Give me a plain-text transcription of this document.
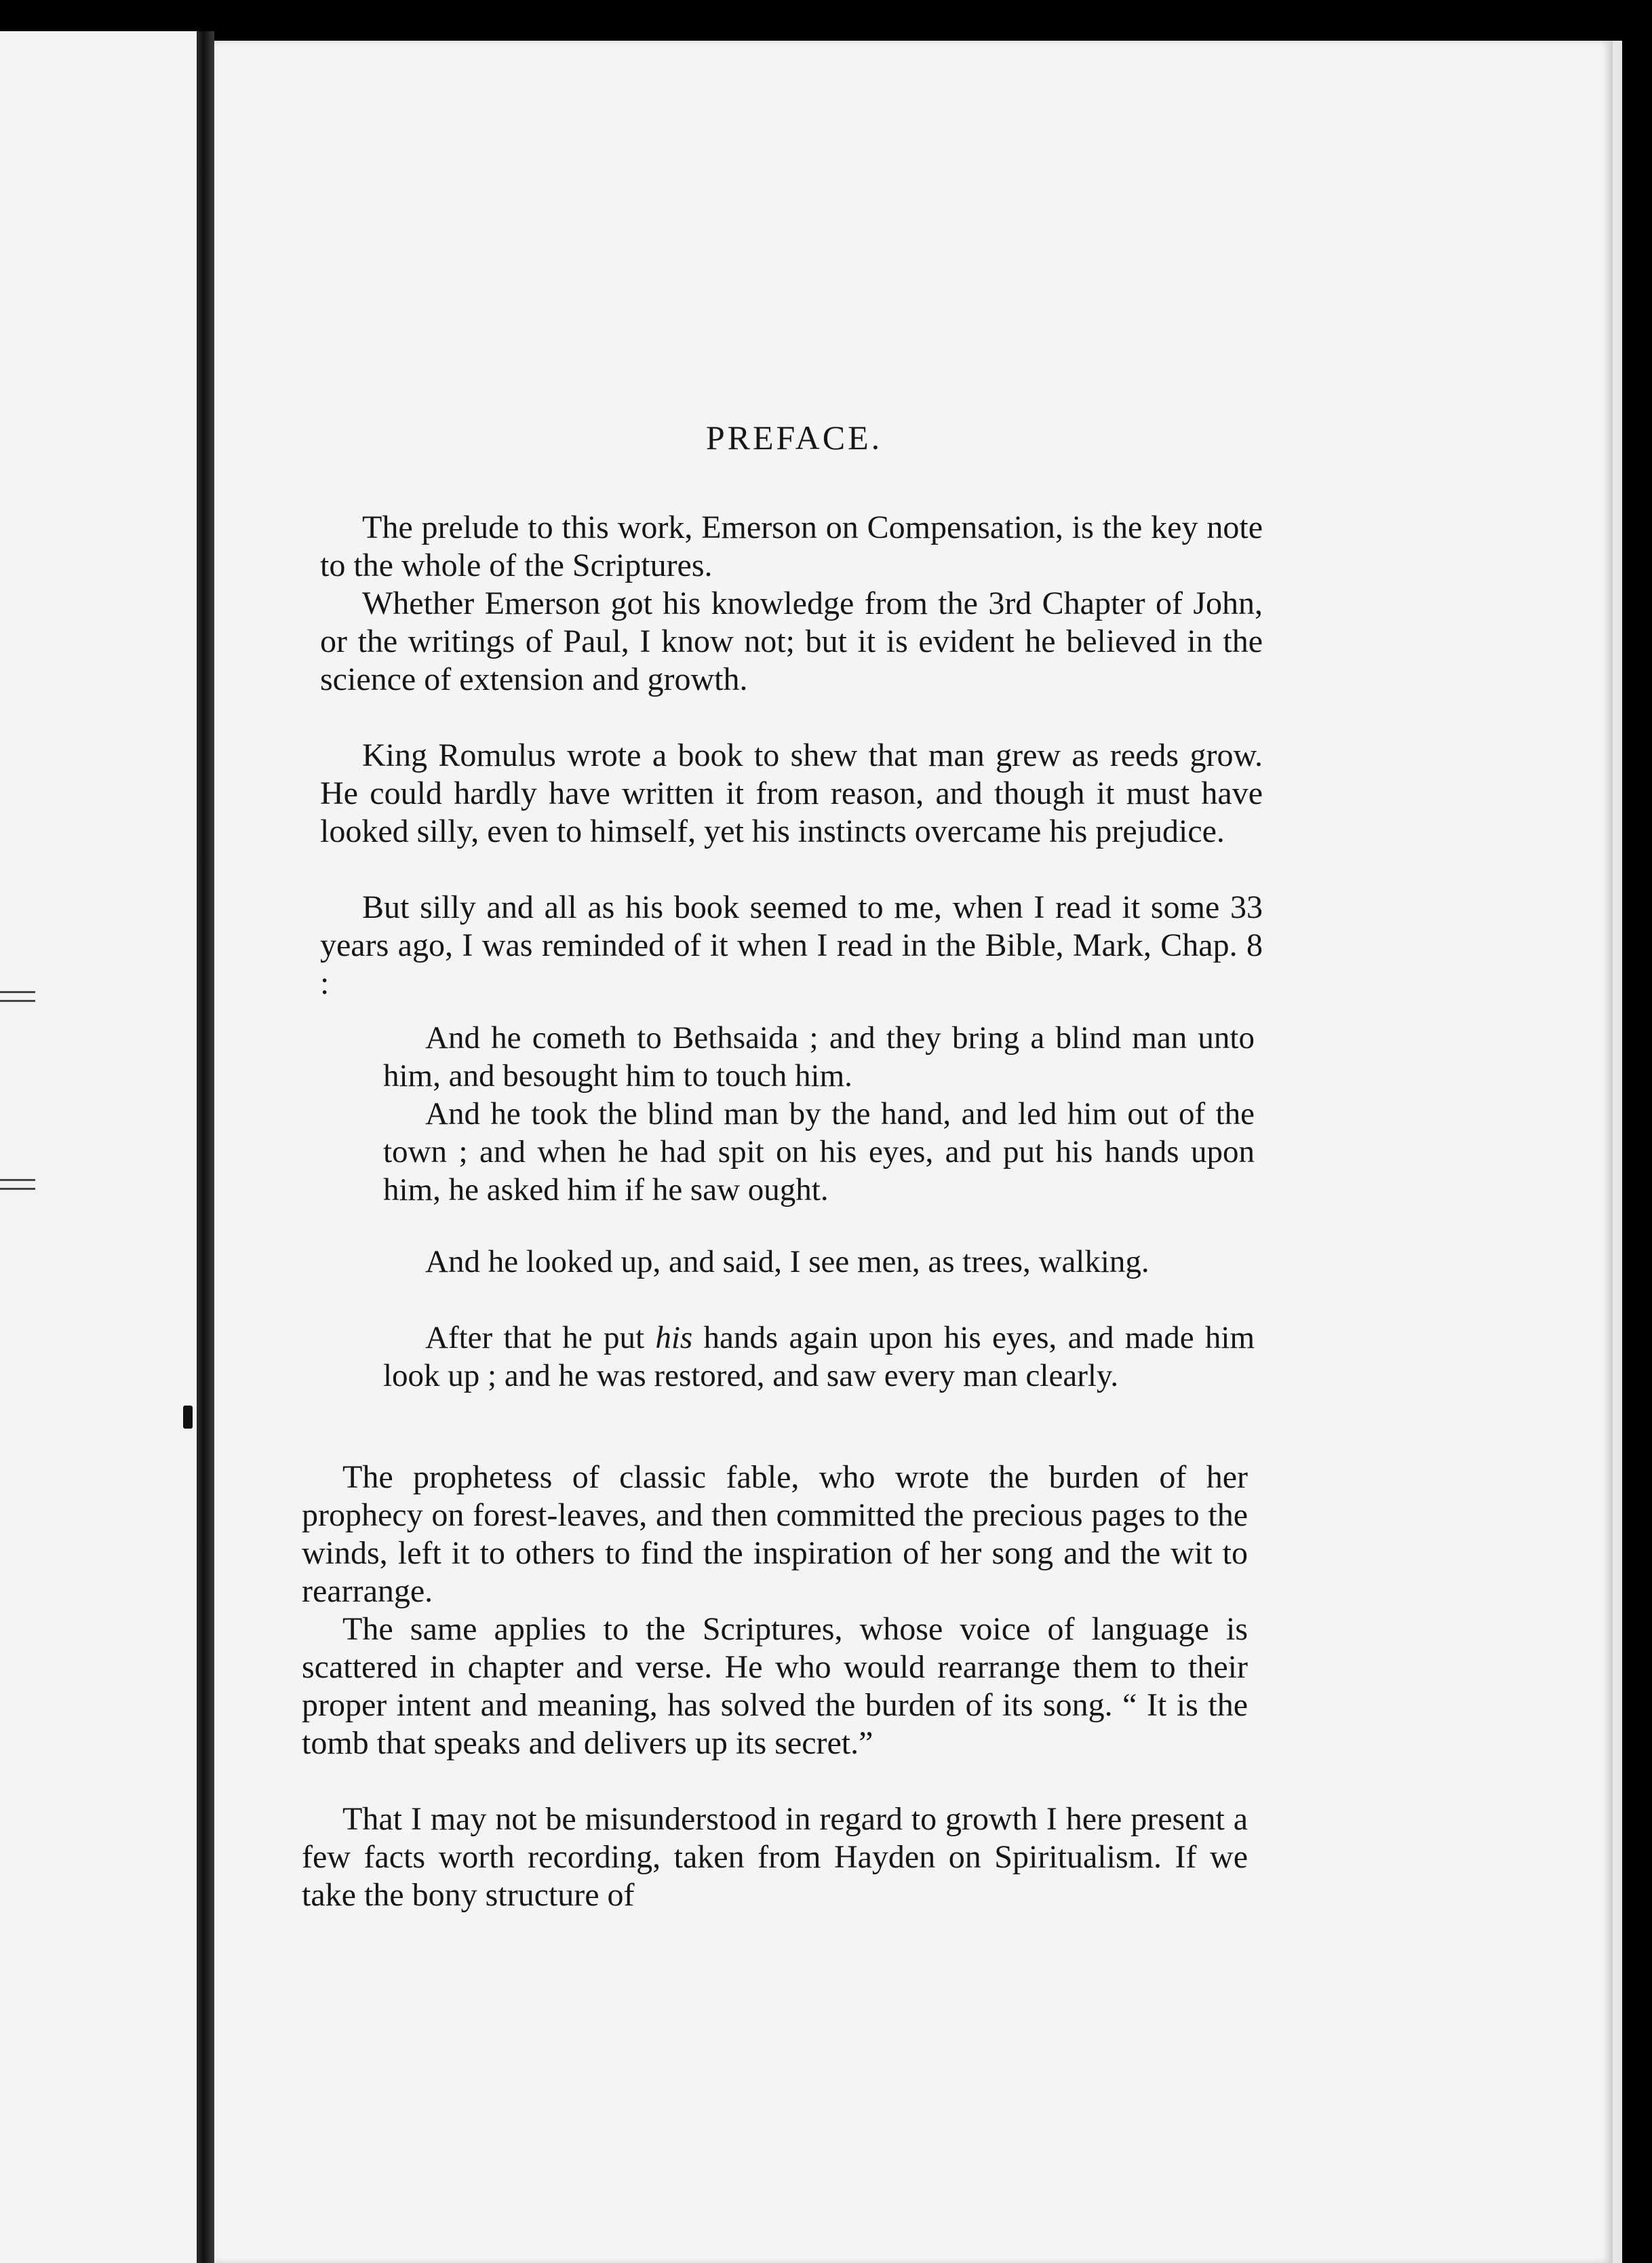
PREFACE.

The prelude to this work, Emerson on Compensation, is the key note to the whole of the Scriptures.

Whether Emerson got his knowledge from the 3rd Chapter of John, or the writings of Paul, I know not; but it is evident he believed in the science of extension and growth.

King Romulus wrote a book to shew that man grew as reeds grow. He could hardly have written it from reason, and though it must have looked silly, even to himself, yet his instincts overcame his prejudice.

But silly and all as his book seemed to me, when I read it some 33 years ago, I was reminded of it when I read in the Bible, Mark, Chap. 8 :

And he cometh to Bethsaida ; and they bring a blind man unto him, and besought him to touch him.

And he took the blind man by the hand, and led him out of the town ; and when he had spit on his eyes, and put his hands upon him, he asked him if he saw ought.

And he looked up, and said, I see men, as trees, walking.

After that he put his hands again upon his eyes, and made him look up ; and he was restored, and saw every man clearly.

The prophetess of classic fable, who wrote the burden of her prophecy on forest-leaves, and then committed the precious pages to the winds, left it to others to find the inspiration of her song and the wit to rearrange.

The same applies to the Scriptures, whose voice of language is scattered in chapter and verse. He who would rearrange them to their proper intent and meaning, has solved the burden of its song. “ It is the tomb that speaks and delivers up its secret.”

That I may not be misunderstood in regard to growth I here present a few facts worth recording, taken from Hayden on Spiritualism. If we take the bony structure of
